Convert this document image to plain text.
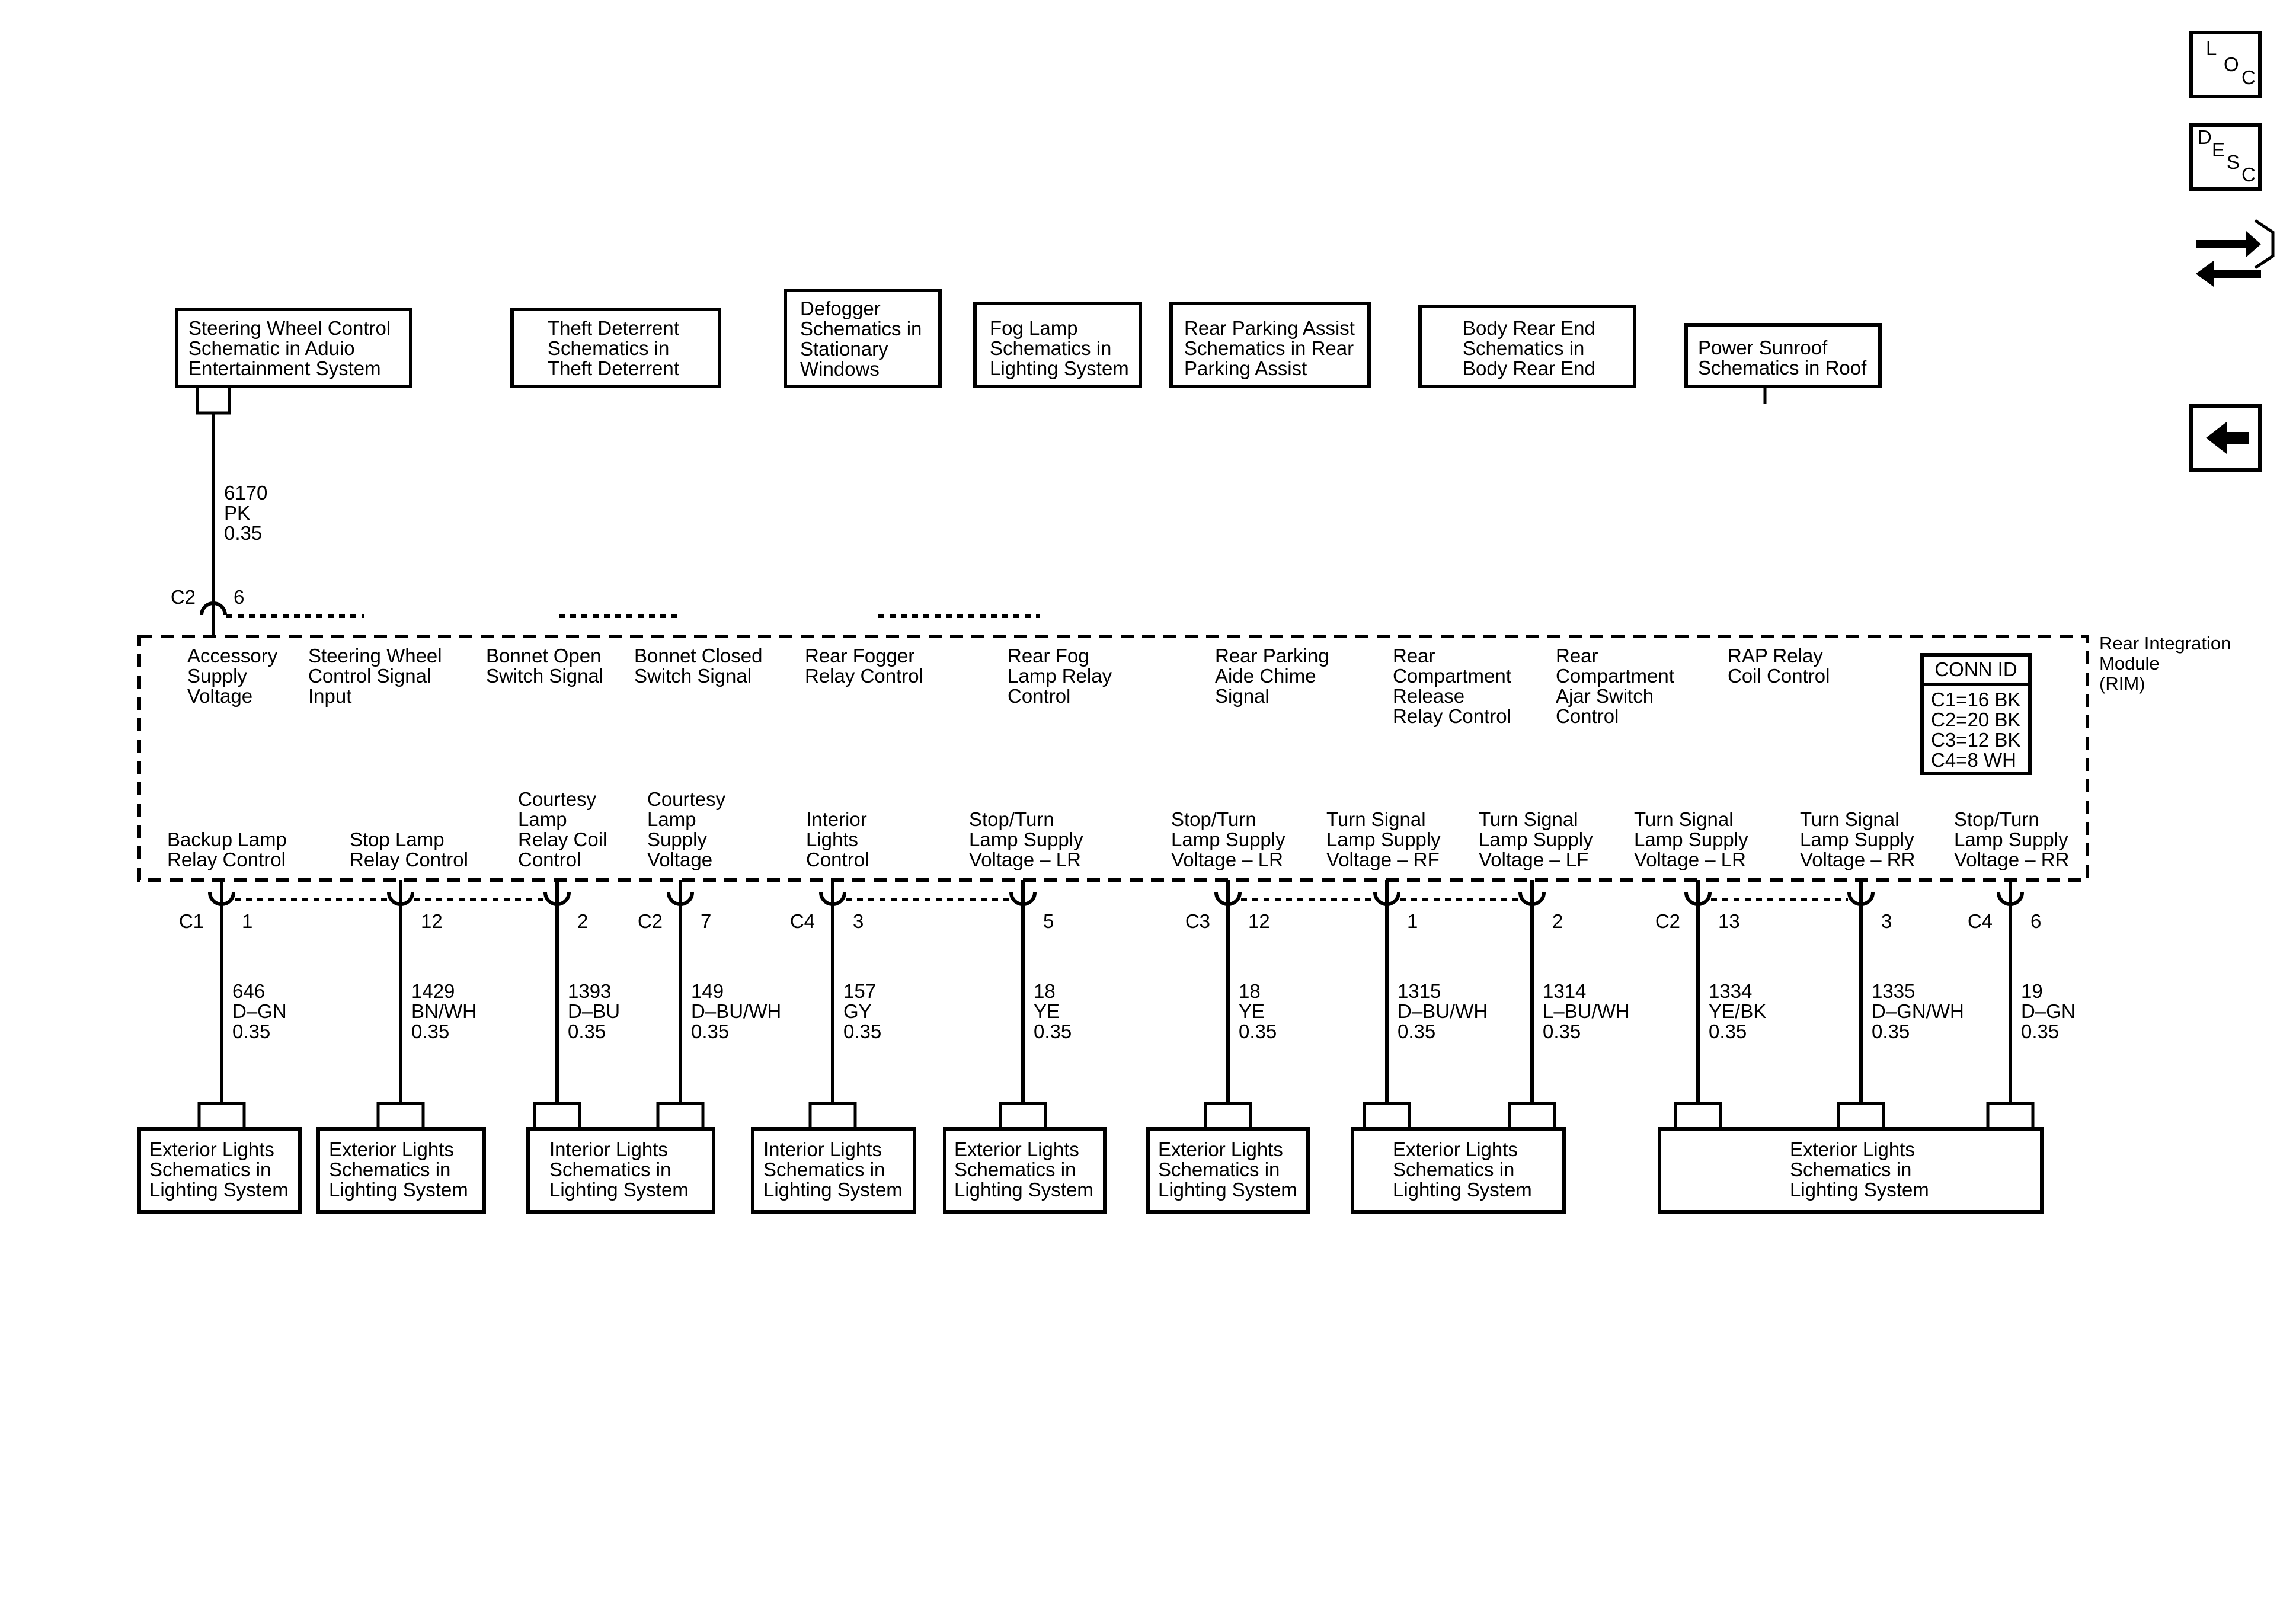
Rear Integration
Module
(RIM)
CONN ID
C1=16 BK
C2=20 BK
C3=12 BK
C4=8 WH
Steering Wheel Control
Schematic in Aduio
Entertainment System
Theft Deterrent
Schematics in
Theft Deterrent
Defogger
Schematics in
Stationary
Windows
Fog Lamp
Schematics in
Lighting System
Rear Parking Assist
Schematics in Rear
Parking Assist
Body Rear End
Schematics in
Body Rear End
Power Sunroof
Schematics in Roof
6170
PK
0.35
C2 6
Accessory
Supply
Voltage
Steering Wheel
Control Signal
Input
Bonnet Open
Switch Signal
Bonnet Closed
Switch Signal
Rear Fogger
Relay Control
Rear Fog
Lamp Relay
Control
Rear Parking
Aide Chime
Signal
Rear
Compartment
Release
Relay Control
Rear
Compartment
Ajar Switch
Control
RAP Relay
Coil Control
646
D–GN
0.35
C1 1
Backup Lamp
Relay Control
1429
BN/WH
0.35
12
Stop Lamp
Relay Control
1393
D–BU
0.35
2
Courtesy
Lamp
Relay Coil
Control
149
D–BU/WH
0.35
C2 7
Courtesy
Lamp
Supply
Voltage
157
GY
0.35
C4 3
Interior
Lights
Control
18
YE
0.35
5
Stop/Turn
Lamp Supply
Voltage – LR
18
YE
0.35
C3 12
Stop/Turn
Lamp Supply
Voltage – LR
1315
D–BU/WH
0.35
1
Turn Signal
Lamp Supply
Voltage – RF
1314
L–BU/WH
0.35
2
Turn Signal
Lamp Supply
Voltage – LF
1334
YE/BK
0.35
C2 13
Turn Signal
Lamp Supply
Voltage – LR
1335
D–GN/WH
0.35
3
Turn Signal
Lamp Supply
Voltage – RR
19
D–GN
0.35
C4 6
Stop/Turn
Lamp Supply
Voltage – RR
Exterior Lights
Schematics in
Lighting System
Exterior Lights
Schematics in
Lighting System
Interior Lights
Schematics in
Lighting System
Interior Lights
Schematics in
Lighting System
Exterior Lights
Schematics in
Lighting System
Exterior Lights
Schematics in
Lighting System
Exterior Lights
Schematics in
Lighting System
Exterior Lights
Schematics in
Lighting System
L
O
C
D
E
S
C
